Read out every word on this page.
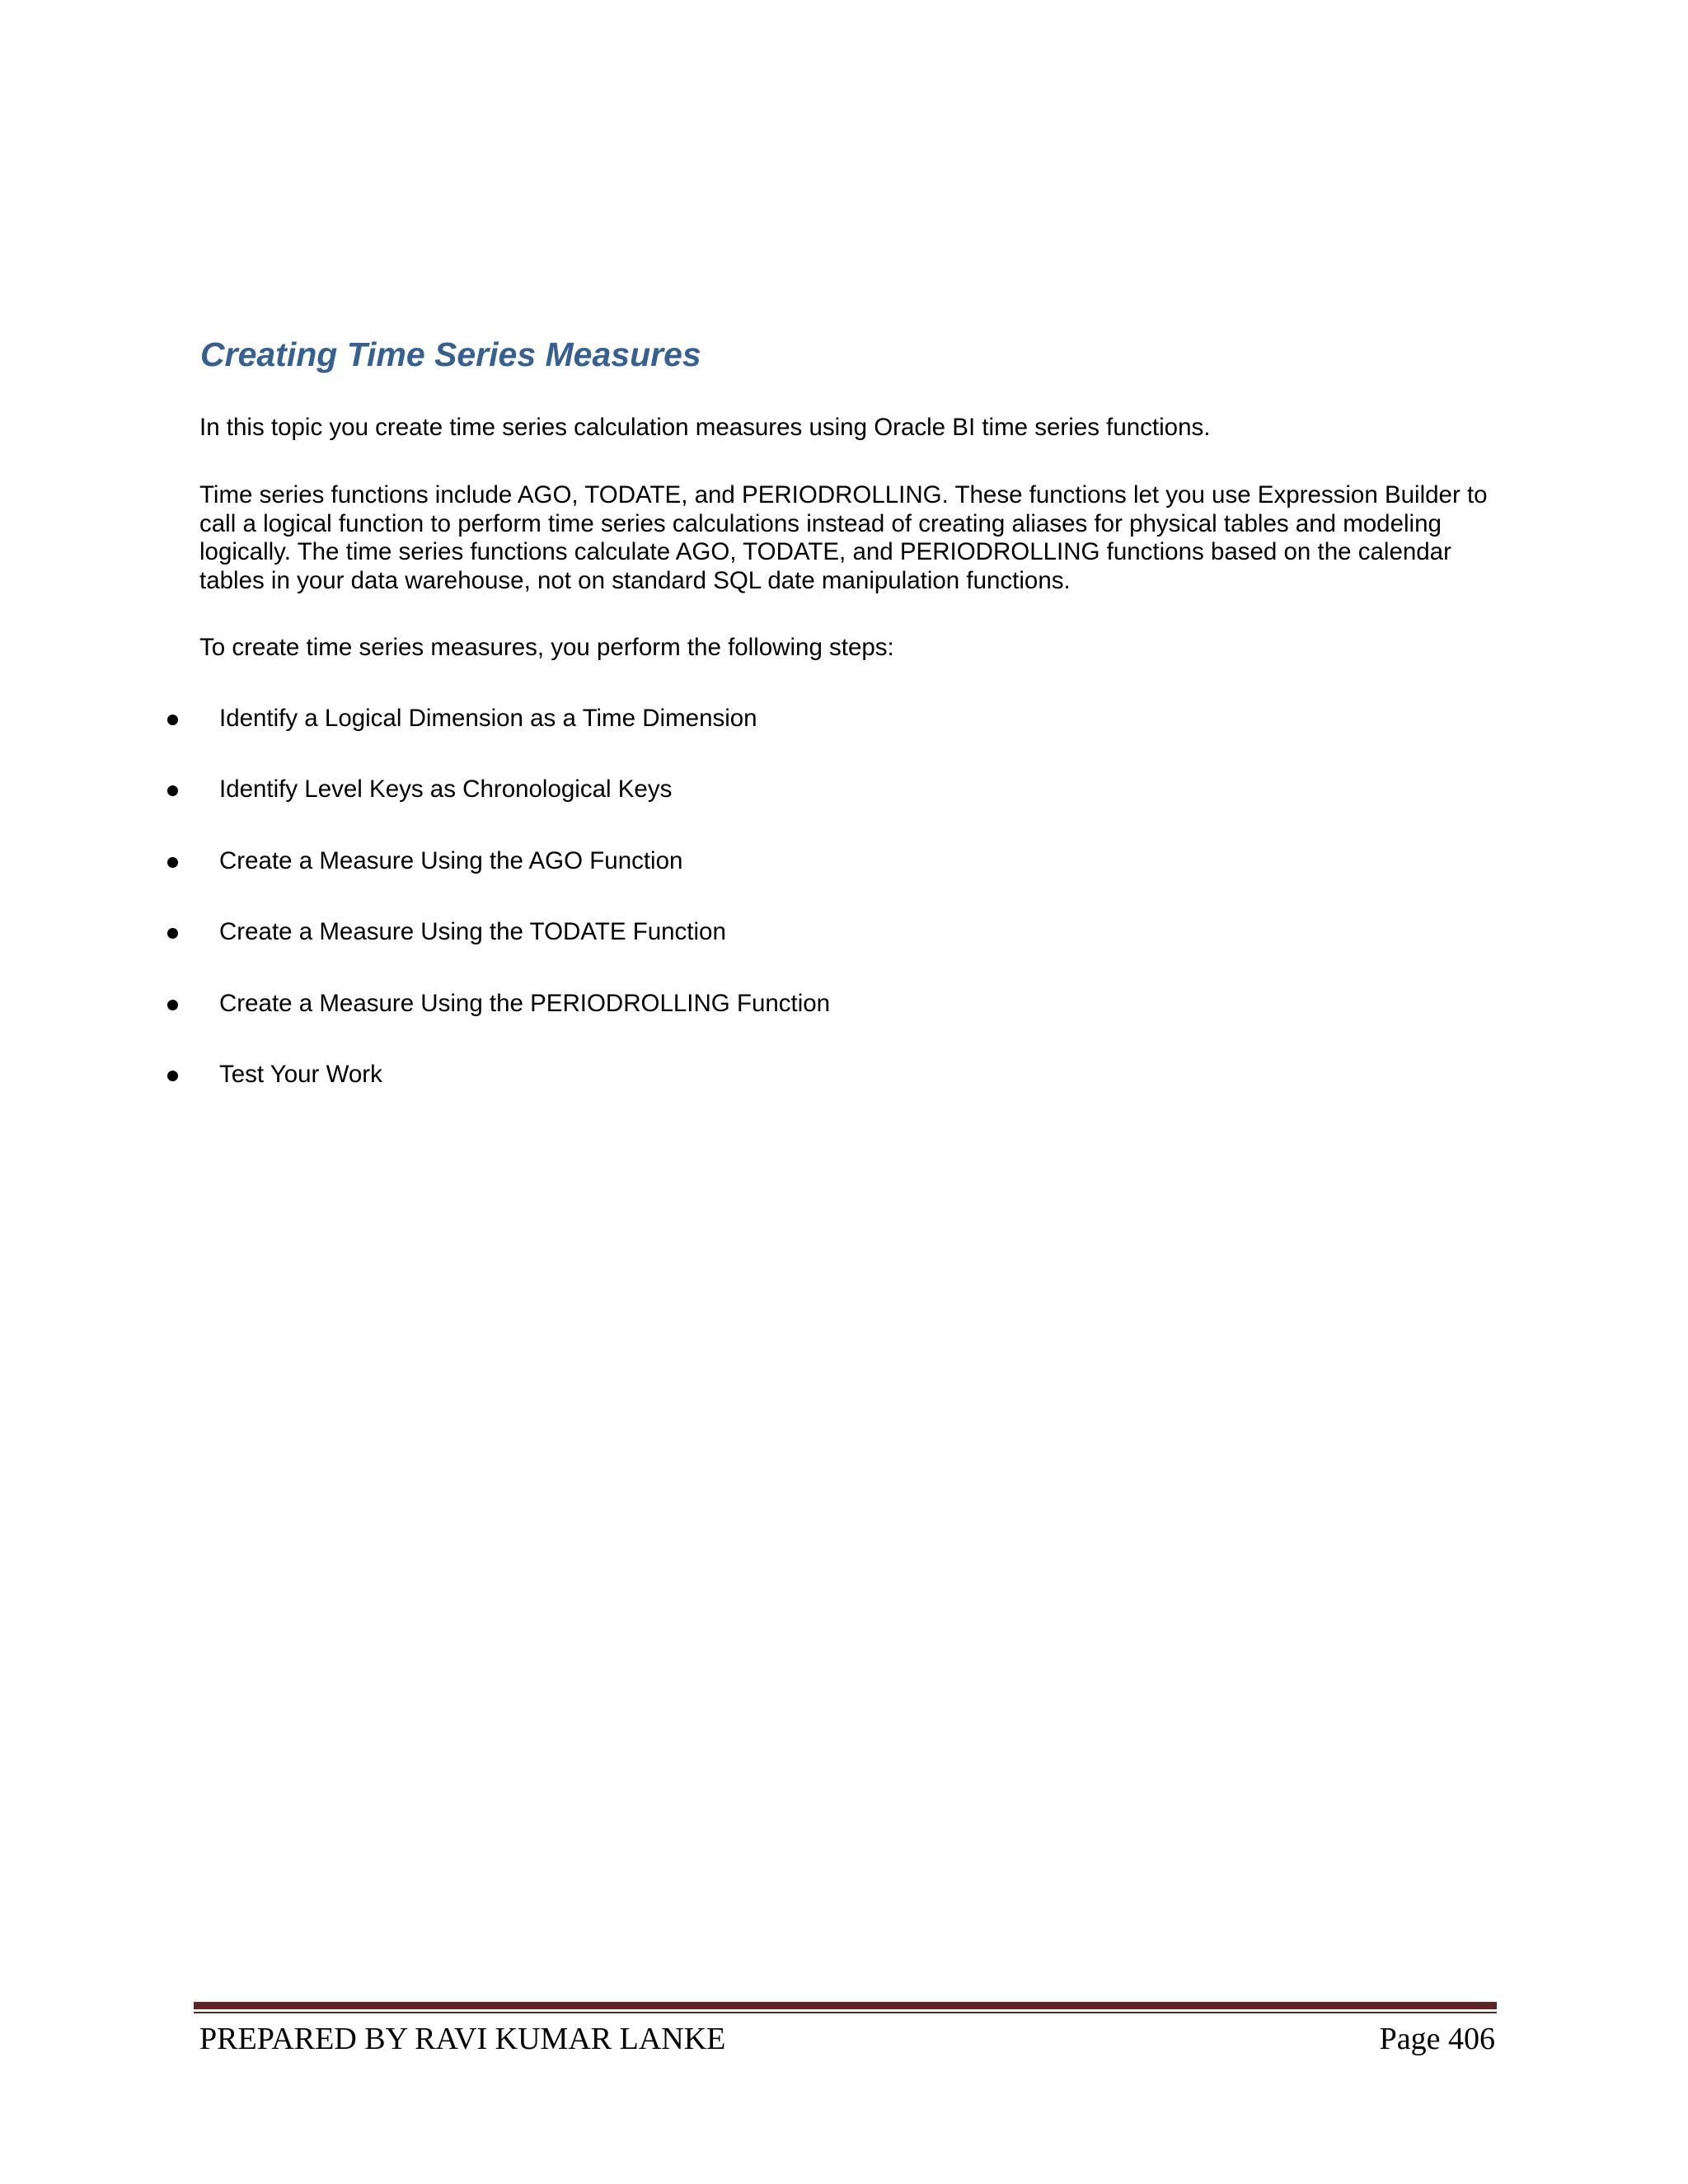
Creating Time Series Measures

In this topic you create time series calculation measures using Oracle BI time series functions.

Time series functions include AGO, TODATE, and PERIODROLLING. These functions let you use Expression Builder to call a logical function to perform time series calculations instead of creating aliases for physical tables and modeling logically. The time series functions calculate AGO, TODATE, and PERIODROLLING functions based on the calendar tables in your data warehouse, not on standard SQL date manipulation functions.

To create time series measures, you perform the following steps:

Identify a Logical Dimension as a Time Dimension
Identify Level Keys as Chronological Keys
Create a Measure Using the AGO Function
Create a Measure Using the TODATE Function
Create a Measure Using the PERIODROLLING Function
Test Your Work
PREPARED BY RAVI KUMAR LANKE	Page 406
